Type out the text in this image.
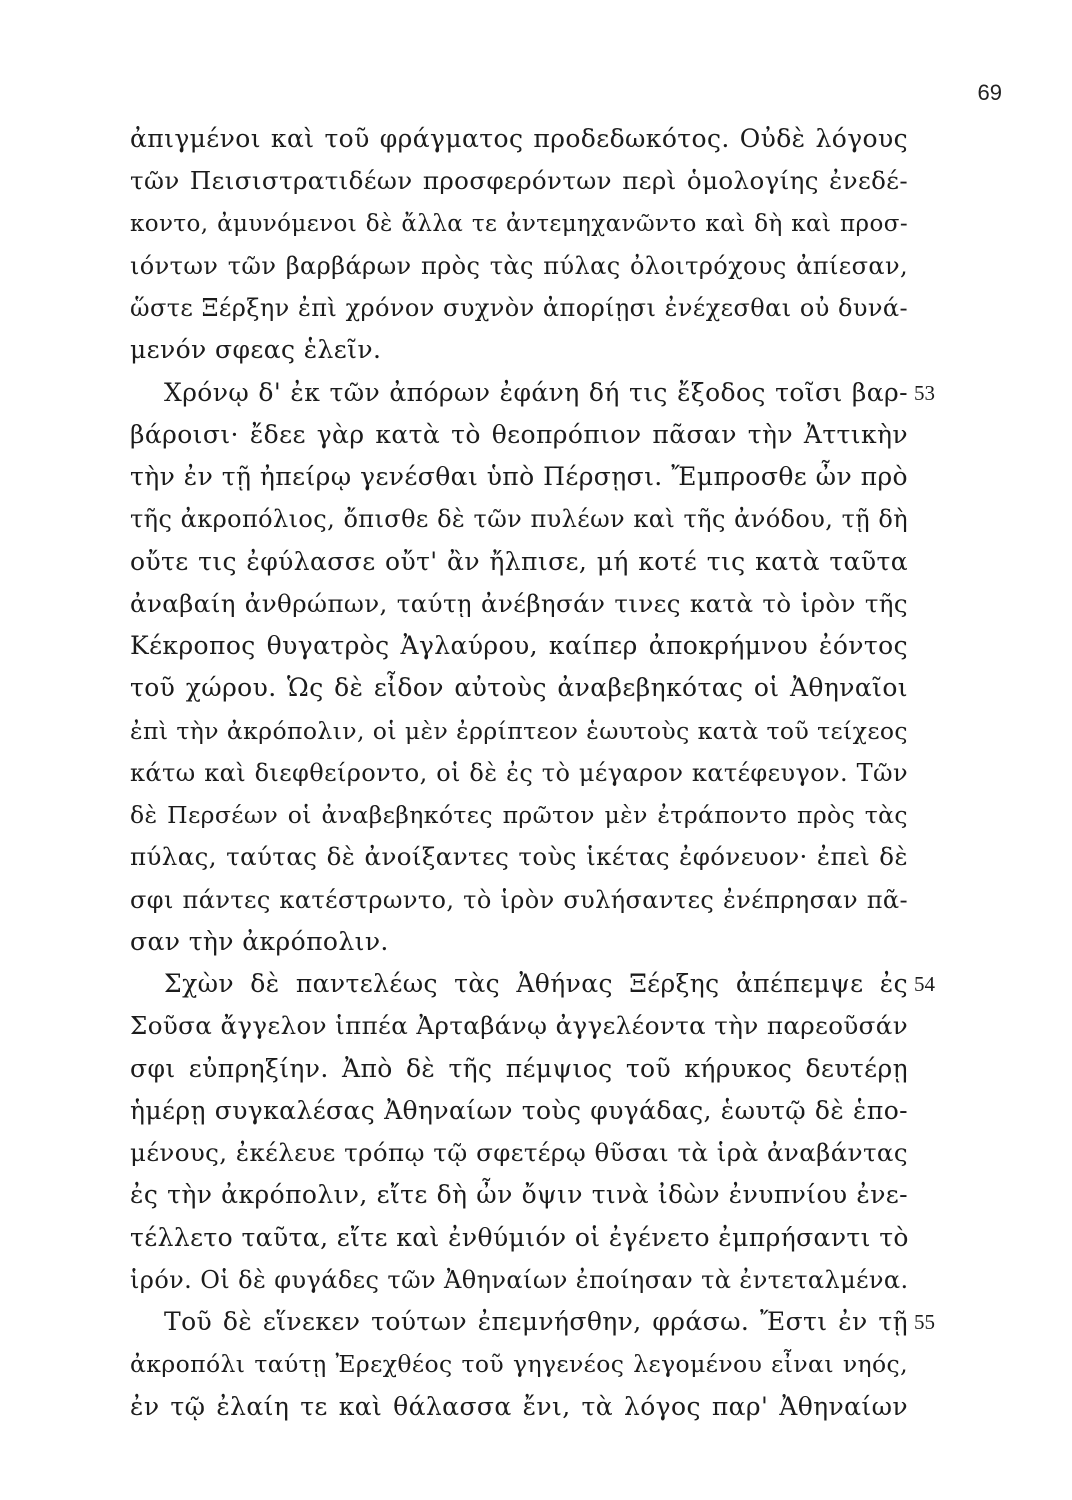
69
ἀπιγμένοι καὶ τοῦ φράγματος προδεδωκότος. Οὐδὲ λόγους
τῶν Πεισιστρατιδέων προσφερόντων περὶ ὁμολογίης ἐνεδέ-
κοντο, ἀμυνόμενοι δὲ ἄλλα τε ἀντεμηχανῶντο καὶ δὴ καὶ προσ-
ιόντων τῶν βαρβάρων πρὸς τὰς πύλας ὀλοιτρόχους ἀπίεσαν,
ὥστε Ξέρξην ἐπὶ χρόνον συχνὸν ἀπορίῃσι ἐνέχεσθαι οὐ δυνά-
μενόν σφεας ἑλεῖν.
Χρόνῳ δ' ἐκ τῶν ἀπόρων ἐφάνη δή τις ἔξοδος τοῖσι βαρ- 53
βάροισι· ἔδεε γὰρ κατὰ τὸ θεοπρόπιον πᾶσαν τὴν Ἀττικὴν
τὴν ἐν τῇ ἠπείρῳ γενέσθαι ὑπὸ Πέρσῃσι. Ἔμπροσθε ὦν πρὸ
τῆς ἀκροπόλιος, ὄπισθε δὲ τῶν πυλέων καὶ τῆς ἀνόδου, τῇ δὴ
οὔτε τις ἐφύλασσε οὔτ' ἂν ἤλπισε, μή κοτέ τις κατὰ ταῦτα
ἀναβαίη ἀνθρώπων, ταύτῃ ἀνέβησάν τινες κατὰ τὸ ἱρὸν τῆς
Κέκροπος θυγατρὸς Ἀγλαύρου, καίπερ ἀποκρήμνου ἐόντος
τοῦ χώρου. Ὡς δὲ εἶδον αὐτοὺς ἀναβεβηκότας οἱ Ἀθηναῖοι
ἐπὶ τὴν ἀκρόπολιν, οἱ μὲν ἐρρίπτεον ἑωυτοὺς κατὰ τοῦ τείχεος
κάτω καὶ διεφθείροντο, οἱ δὲ ἐς τὸ μέγαρον κατέφευγον. Τῶν
δὲ Περσέων οἱ ἀναβεβηκότες πρῶτον μὲν ἐτράποντο πρὸς τὰς
πύλας, ταύτας δὲ ἀνοίξαντες τοὺς ἱκέτας ἐφόνευον· ἐπεὶ δὲ
σφι πάντες κατέστρωντο, τὸ ἱρὸν συλήσαντες ἐνέπρησαν πᾶ-
σαν τὴν ἀκρόπολιν.
Σχὼν δὲ παντελέως τὰς Ἀθήνας Ξέρξης ἀπέπεμψε ἐς 54
Σοῦσα ἄγγελον ἱππέα Ἀρταβάνῳ ἀγγελέοντα τὴν παρεοῦσάν
σφι εὐπρηξίην. Ἀπὸ δὲ τῆς πέμψιος τοῦ κήρυκος δευτέρῃ
ἡμέρῃ συγκαλέσας Ἀθηναίων τοὺς φυγάδας, ἑωυτῷ δὲ ἑπο-
μένους, ἐκέλευε τρόπῳ τῷ σφετέρῳ θῦσαι τὰ ἱρὰ ἀναβάντας
ἐς τὴν ἀκρόπολιν, εἴτε δὴ ὦν ὄψιν τινὰ ἰδὼν ἐνυπνίου ἐνε-
τέλλετο ταῦτα, εἴτε καὶ ἐνθύμιόν οἱ ἐγένετο ἐμπρήσαντι τὸ
ἱρόν. Οἱ δὲ φυγάδες τῶν Ἀθηναίων ἐποίησαν τὰ ἐντεταλμένα.
Τοῦ δὲ εἵνεκεν τούτων ἐπεμνήσθην, φράσω. Ἔστι ἐν τῇ 55
ἀκροπόλι ταύτῃ Ἐρεχθέος τοῦ γηγενέος λεγομένου εἶναι νηός,
ἐν τῷ ἐλαίη τε καὶ θάλασσα ἔνι, τὰ λόγος παρ' Ἀθηναίων
